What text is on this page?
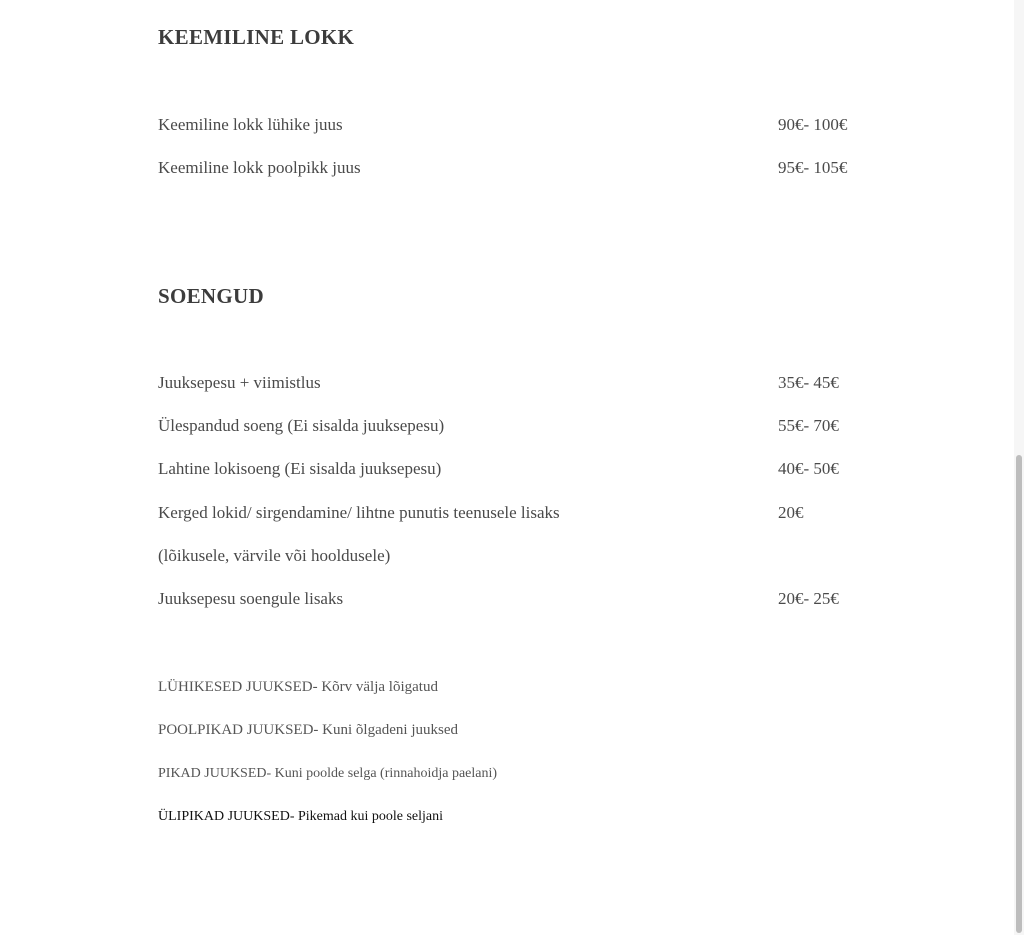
KEEMILINE LOKK
Keemiline lokk lühike juus	90€- 100€
Keemiline lokk poolpikk juus	95€- 105€
SOENGUD
Juuksepesu + viimistlus	35€- 45€
Ülespandud soeng (Ei sisalda juuksepesu)	55€- 70€
Lahtine lokisoeng (Ei sisalda juuksepesu)	40€- 50€
Kerged lokid/ sirgendamine/ lihtne punutis teenusele lisaks	20€
(lõikusele, värvile või hooldusele)
Juuksepesu soengule lisaks	20€- 25€
LÜHIKESED JUUKSED- Kõrv välja lõigatud
POOLPIKAD JUUKSED- Kuni õlgadeni juuksed
PIKAD JUUKSED- Kuni poolde selga (rinnahoidja paelani)
ÜLIPIKAD JUUKSED- Pikemad kui poole seljani
